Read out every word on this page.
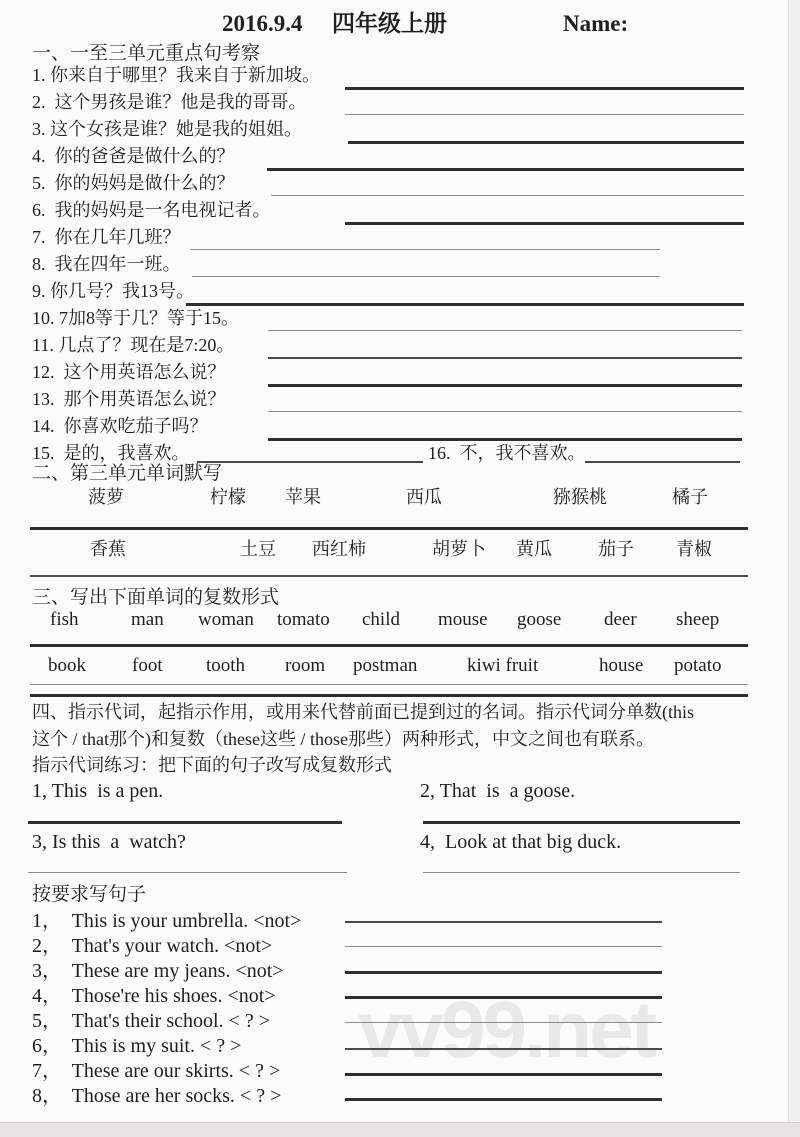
vv99.net
2016.9.4 四年级上册	Name:
一、一至三单元重点句考察
1. 你来自于哪里？我来自于新加坡。
2.  这个男孩是谁？他是我的哥哥。
3. 这个女孩是谁？她是我的姐姐。
4.  你的爸爸是做什么的？
5.  你的妈妈是做什么的？
6.  我的妈妈是一名电视记者。
7.  你在几年几班？
8.  我在四年一班。
9. 你几号？我13号。
10. 7加8等于几？等于15。
11. 几点了？现在是7:20。
12.  这个用英语怎么说？
13.  那个用英语怎么说？
14.  你喜欢吃茄子吗？
15.  是的，我喜欢。	16.  不，我不喜欢。
二、第三单元单词默写
菠萝	柠檬 苹果	西瓜	猕猴桃	橘子
香蕉	土豆 西红柿	胡萝卜 黄瓜	茄子 青椒
三、写出下面单词的复数形式
fish	man woman tomato child mouse goose deer sheep
book foot tooth room postman	kiwi fruit	house potato
四、指示代词，起指示作用，或用来代替前面已提到过的名词。指示代词分单数(this
这个 / that那个)和复数（these这些 / those那些）两种形式，中文之间也有联系。
指示代词练习：把下面的句子改写成复数形式
1, This  is a pen.	2, That  is  a goose.
3, Is this  a  watch?	4,  Look at that big duck.
按要求写句子
1，  This is your umbrella. <not>
2，  That's your watch. <not>
3，  These are my jeans. <not>
4，  Those're his shoes. <not>
5，  That's their school. < ? >
6，  This is my suit. < ? >
7，  These are our skirts. < ? >
8，  Those are her socks. < ? >
